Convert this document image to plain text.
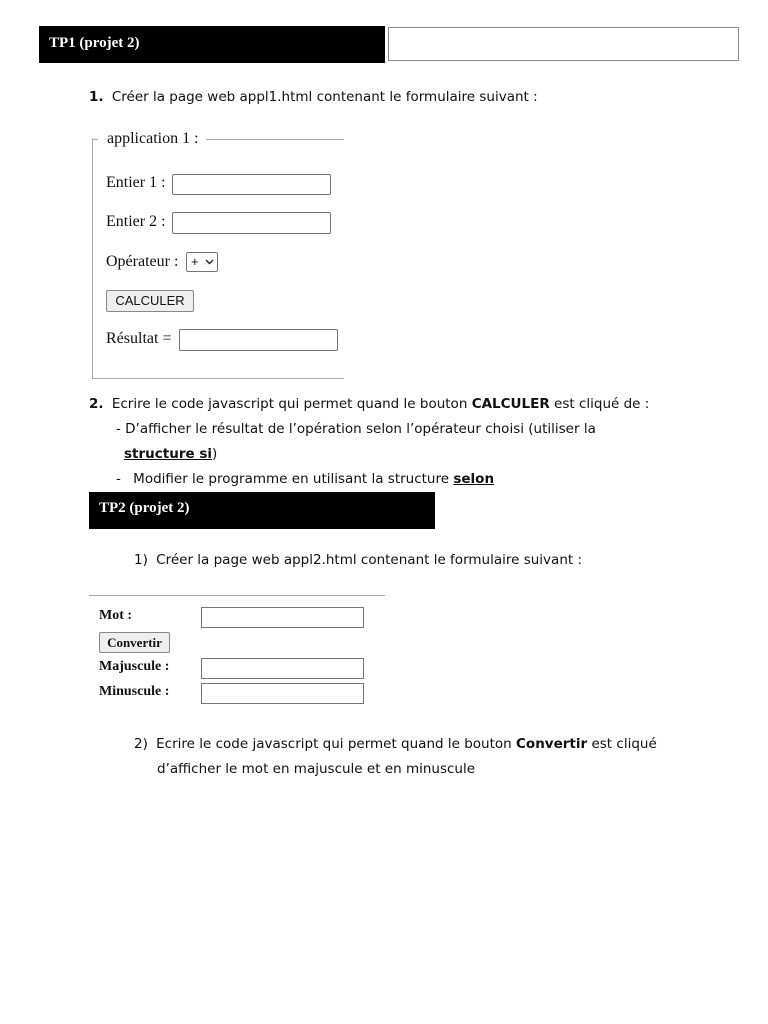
TP1 (projet 2)
1. Créer la page web appl1.html contenant le formulaire suivant :
application 1 :
Entier 1 :
Entier 2 :
Opérateur : +
CALCULER
Résultat =
2. Ecrire le code javascript qui permet quand le bouton CALCULER est cliqué de :
- D’afficher le résultat de l’opération selon l’opérateur choisi (utiliser la
structure si)
- Modifier le programme en utilisant la structure selon
TP2 (projet 2)
1) Créer la page web appl2.html contenant le formulaire suivant :
Mot :
Convertir
Majuscule :
Minuscule :
2) Ecrire le code javascript qui permet quand le bouton Convertir est cliqué
d’afficher le mot en majuscule et en minuscule
